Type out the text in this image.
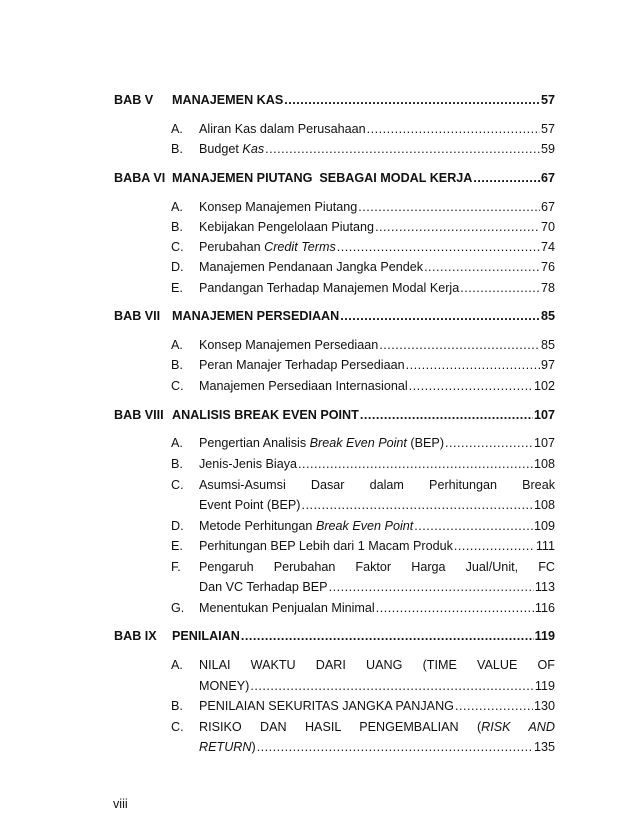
BAB V	MANAJEMEN KAS .....	57
A.	Aliran Kas dalam Perusahaan .....	57
B.	Budget Kas .....	59
BABA VI MANAJEMEN PIUTANG  SEBAGAI MODAL KERJA .....	67
A.	Konsep Manajemen Piutang .....	67
B.	Kebijakan Pengelolaan Piutang .....	70
C.	Perubahan Credit Terms .....	74
D.	Manajemen Pendanaan Jangka Pendek .....	76
E.	Pandangan Terhadap Manajemen Modal Kerja .....	78
BAB VII MANAJEMEN PERSEDIAAN .....	85
A.	Konsep Manajemen Persediaan .....	85
B.	Peran Manajer Terhadap Persediaan .....	97
C.	Manajemen Persediaan Internasional .....	102
BAB VIII ANALISIS BREAK EVEN POINT .....	107
A.	Pengertian Analisis Break Even Point (BEP) .....	107
B.	Jenis-Jenis Biaya .....	108
C.	Asumsi-Asumsi Dasar dalam Perhitungan Break
Event Point (BEP) .....	108
D.	Metode Perhitungan Break Even Point .....	109
E.	Perhitungan BEP Lebih dari 1 Macam Produk .....	111
F.	Pengaruh Perubahan Faktor Harga Jual/Unit, FC
Dan VC Terhadap BEP .....	113
G.	Menentukan Penjualan Minimal .....	116
BAB IX	PENILAIAN .....	119
A.	NILAI WAKTU DARI UANG (TIME VALUE OF
MONEY) .....	119
B.	PENILAIAN SEKURITAS JANGKA PANJANG .....	130
C.	RISIKO DAN HASIL PENGEMBALIAN (RISK AND
RETURN) .....	135
viii
